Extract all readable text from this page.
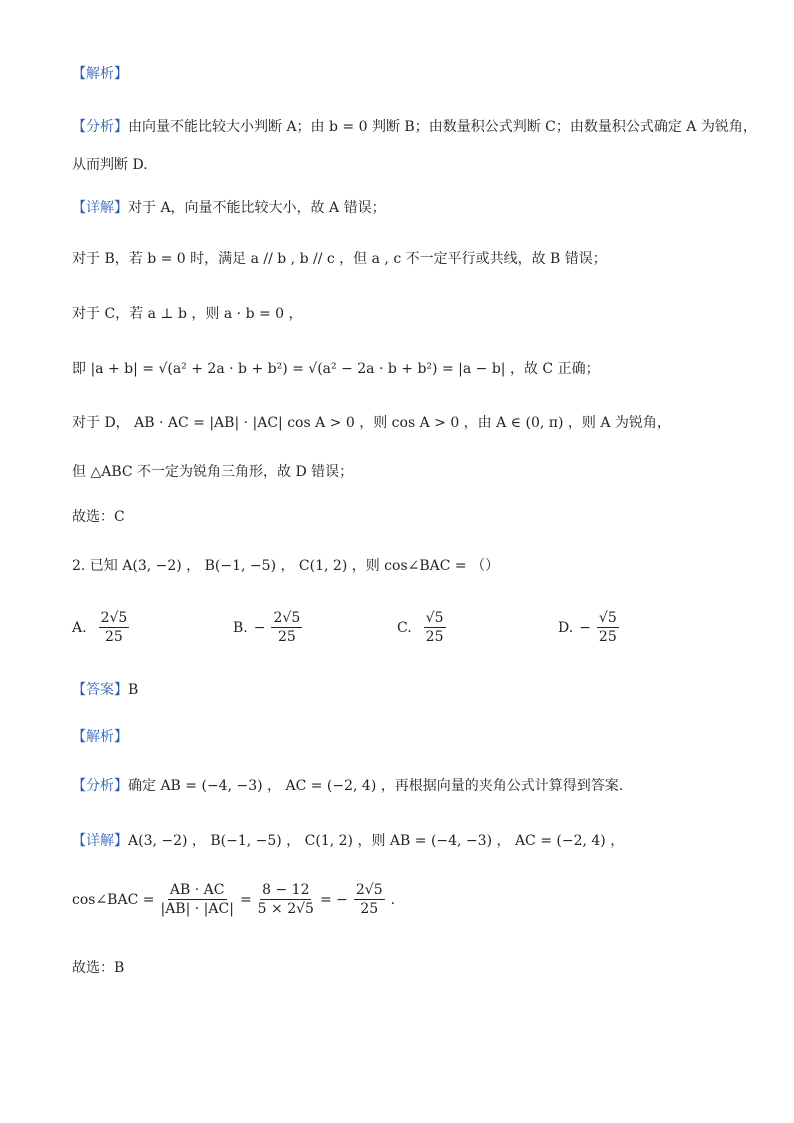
【解析】
【分析】由向量不能比较大小判断 A；由 b = 0 判断 B；由数量积公式判断 C；由数量积公式确定 A 为锐角，
从而判断 D.
【详解】对于 A，向量不能比较大小，故 A 错误；
对于 B，若 b = 0 时，满足 a // b , b // c ，但 a , c 不一定平行或共线，故 B 错误；
对于 C，若 a ⊥ b ，则 a · b = 0 ，
即 |a + b| = √(a² + 2a · b + b²) = √(a² − 2a · b + b²) = |a − b| ，故 C 正确；
对于 D， AB · AC = |AB| · |AC| cos A > 0 ，则 cos A > 0 ，由 A ∈ (0, π) ，则 A 为锐角，
但 △ABC 不一定为锐角三角形，故 D 错误；
故选：C
2. 已知 A(3, −2) ， B(−1, −5) ， C(1, 2) ，则 cos∠BAC = （）
A. $\frac{2√5}{25}$	B. − $\frac{2√5}{25}$	C. $\frac{√5}{25}$	D. − $\frac{√5}{25}$
【答案】B
【解析】
【分析】确定 AB = (−4, −3) ， AC = (−2, 4) ，再根据向量的夹角公式计算得到答案.
【详解】A(3, −2) ， B(−1, −5) ， C(1, 2) ，则 AB = (−4, −3) ， AC = (−2, 4) ，
cos∠BAC = $\frac{AB \cdot AC}{|AB| \cdot |AC|} = \frac{8 - 12}{5 \times 2√5}$ = − $\frac{2√5}{25}$ .
故选：B
